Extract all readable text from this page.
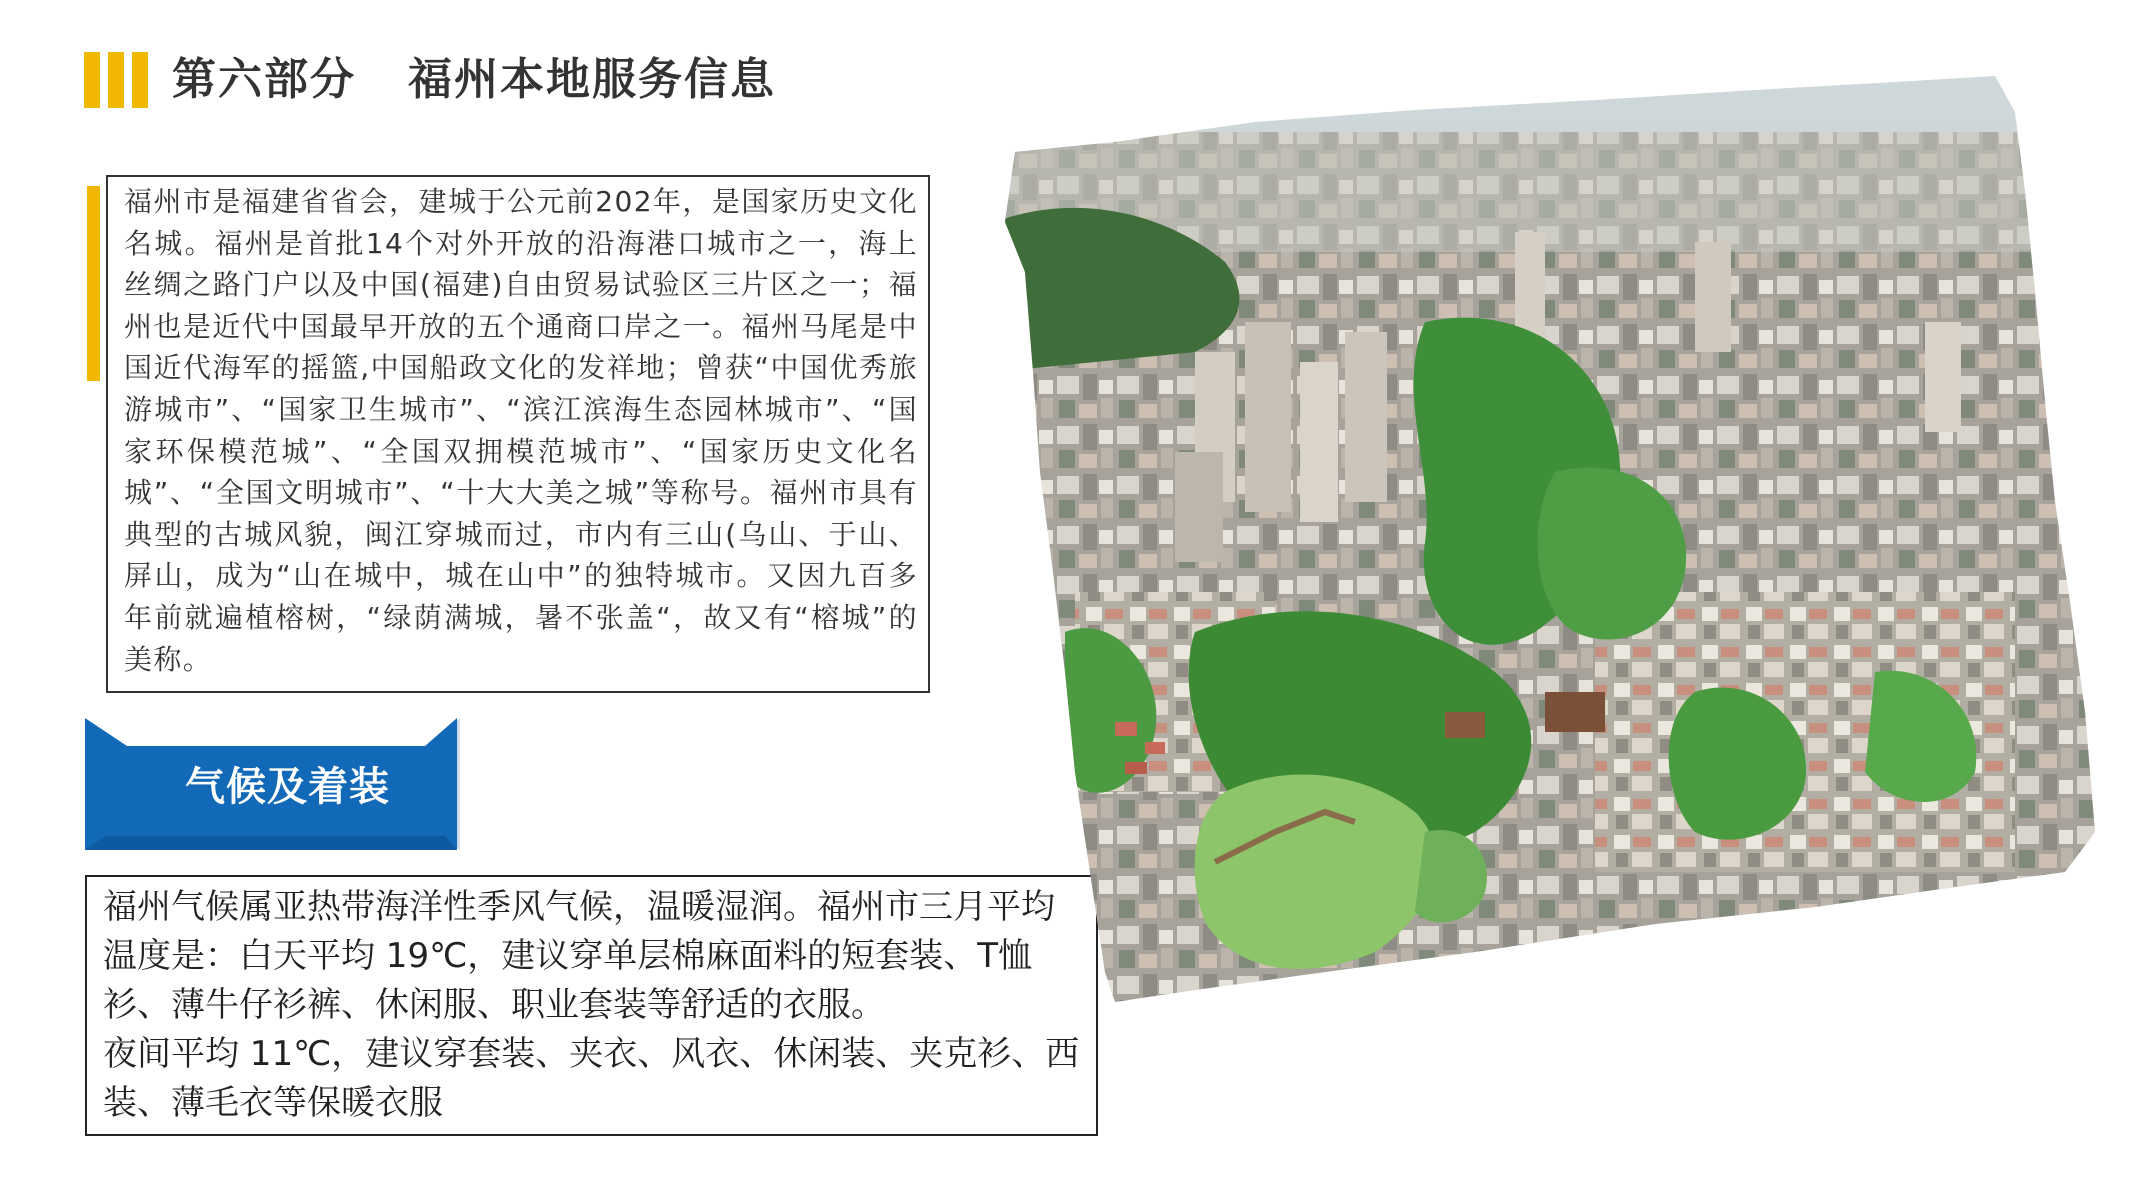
第六部分   福州本地服务信息
福州市是福建省省会，建城于公元前202年，是国家历史文化名城。福州是首批14个对外开放的沿海港口城市之一，海上丝绸之路门户以及中国(福建)自由贸易试验区三片区之一；福州也是近代中国最早开放的五个通商口岸之一。福州马尾是中国近代海军的摇篮,中国船政文化的发祥地；曾获“中国优秀旅游城市”、“国家卫生城市”、“滨江滨海生态园林城市”、“国家环保模范城”、“全国双拥模范城市”、“国家历史文化名城”、“全国文明城市”、“十大大美之城”等称号。福州市具有典型的古城风貌，闽江穿城而过，市内有三山(乌山、于山、屏山，成为“山在城中，城在山中”的独特城市。又因九百多年前就遍植榕树，“绿荫满城，暑不张盖“，故又有“榕城”的美称。
气候及着装

福州气候属亚热带海洋性季风气候，温暖湿润。福州市三月平均温度是：白天平均 19℃，建议穿单层棉麻面料的短套装、T恤衫、薄牛仔衫裤、休闲服、职业套装等舒适的衣服。

夜间平均 11℃，建议穿套装、夹衣、风衣、休闲装、夹克衫、西装、薄毛衣等保暖衣服
